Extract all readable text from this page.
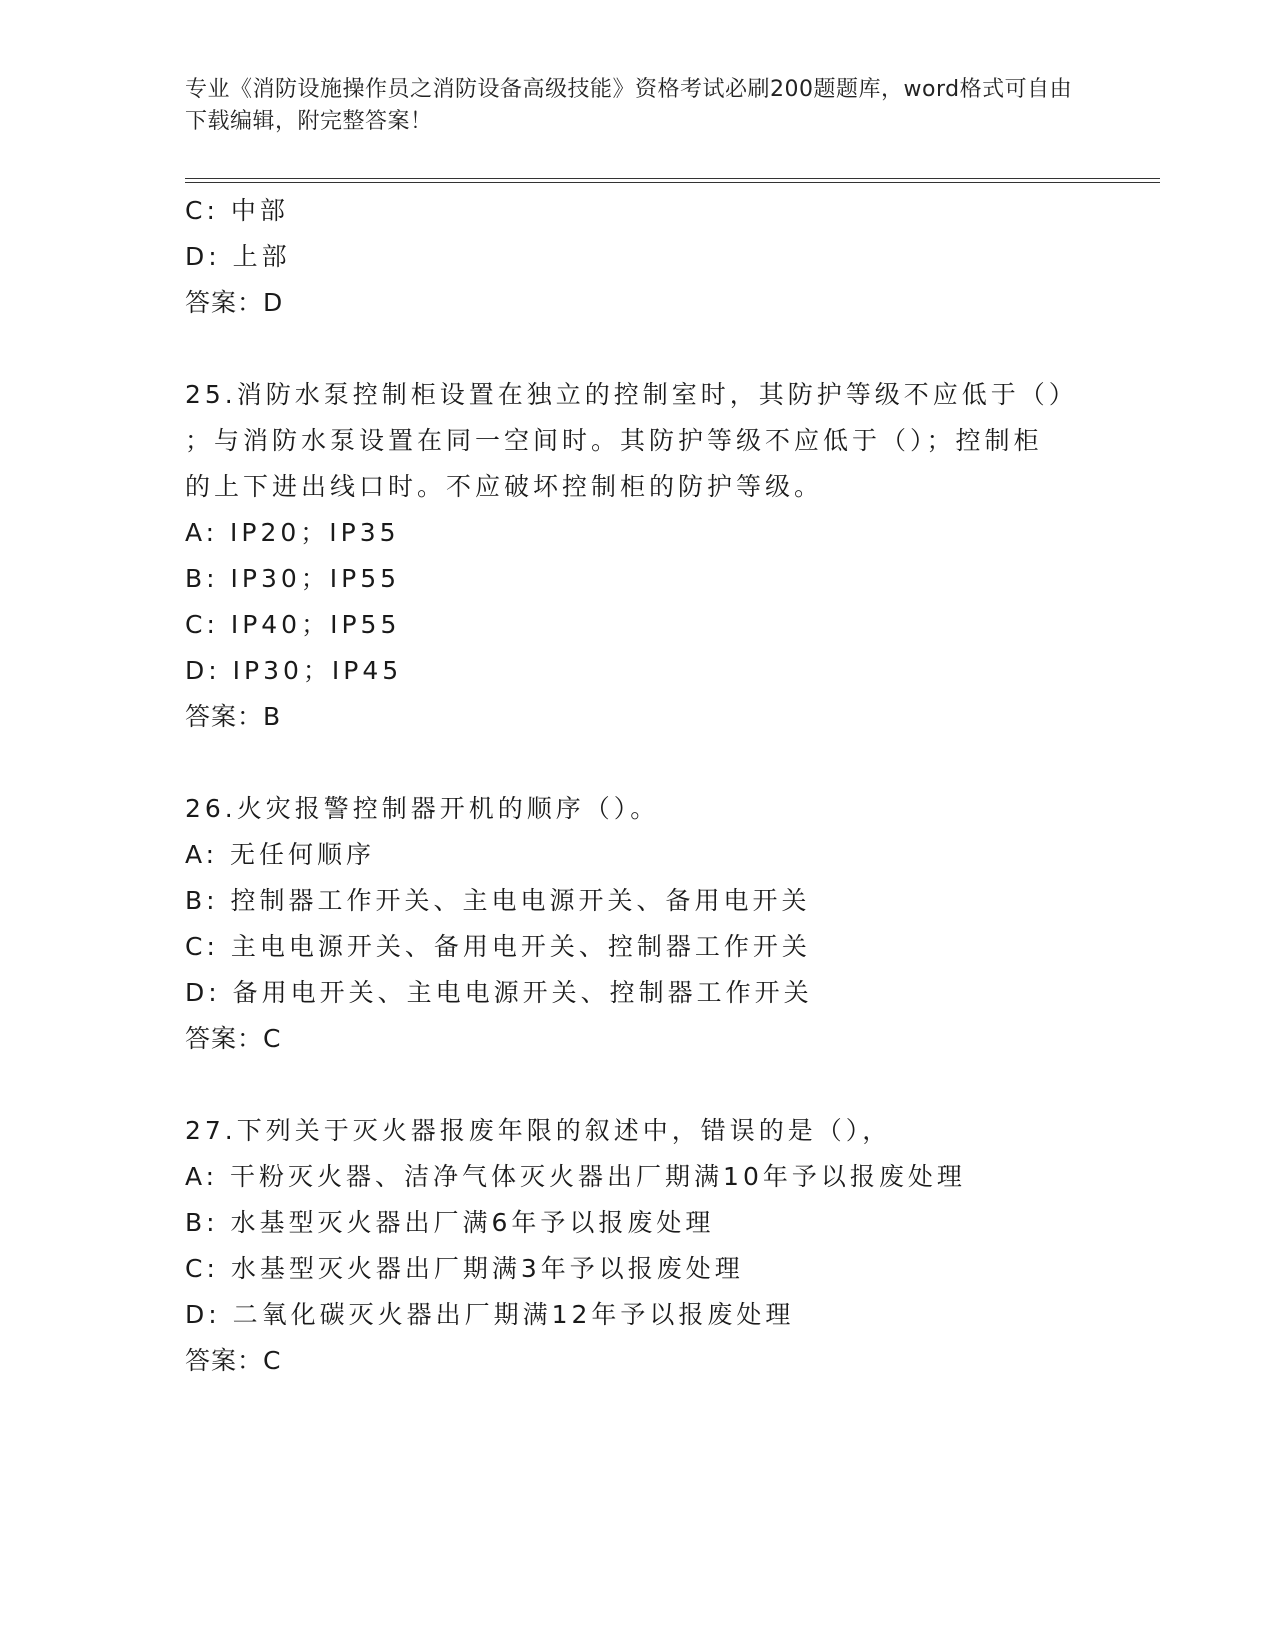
专业《消防设施操作员之消防设备高级技能》资格考试必刷200题题库，word格式可自由下载编辑，附完整答案！
C: 中部
D: 上部
答案：D
25.消防水泵控制柜设置在独立的控制室时，其防护等级不应低于（）
；与消防水泵设置在同一空间时。其防护等级不应低于（）；控制柜
的上下进出线口时。不应破坏控制柜的防护等级。
A: IP20；IP35
B: IP30；IP55
C: IP40；IP55
D: IP30；IP45
答案：B
26.火灾报警控制器开机的顺序（）。
A: 无任何顺序
B: 控制器工作开关、主电电源开关、备用电开关
C: 主电电源开关、备用电开关、控制器工作开关
D: 备用电开关、主电电源开关、控制器工作开关
答案：C
27.下列关于灭火器报废年限的叙述中，错误的是（），
A: 干粉灭火器、洁净气体灭火器出厂期满10年予以报废处理
B: 水基型灭火器出厂满6年予以报废处理
C: 水基型灭火器出厂期满3年予以报废处理
D: 二氧化碳灭火器出厂期满12年予以报废处理
答案：C
